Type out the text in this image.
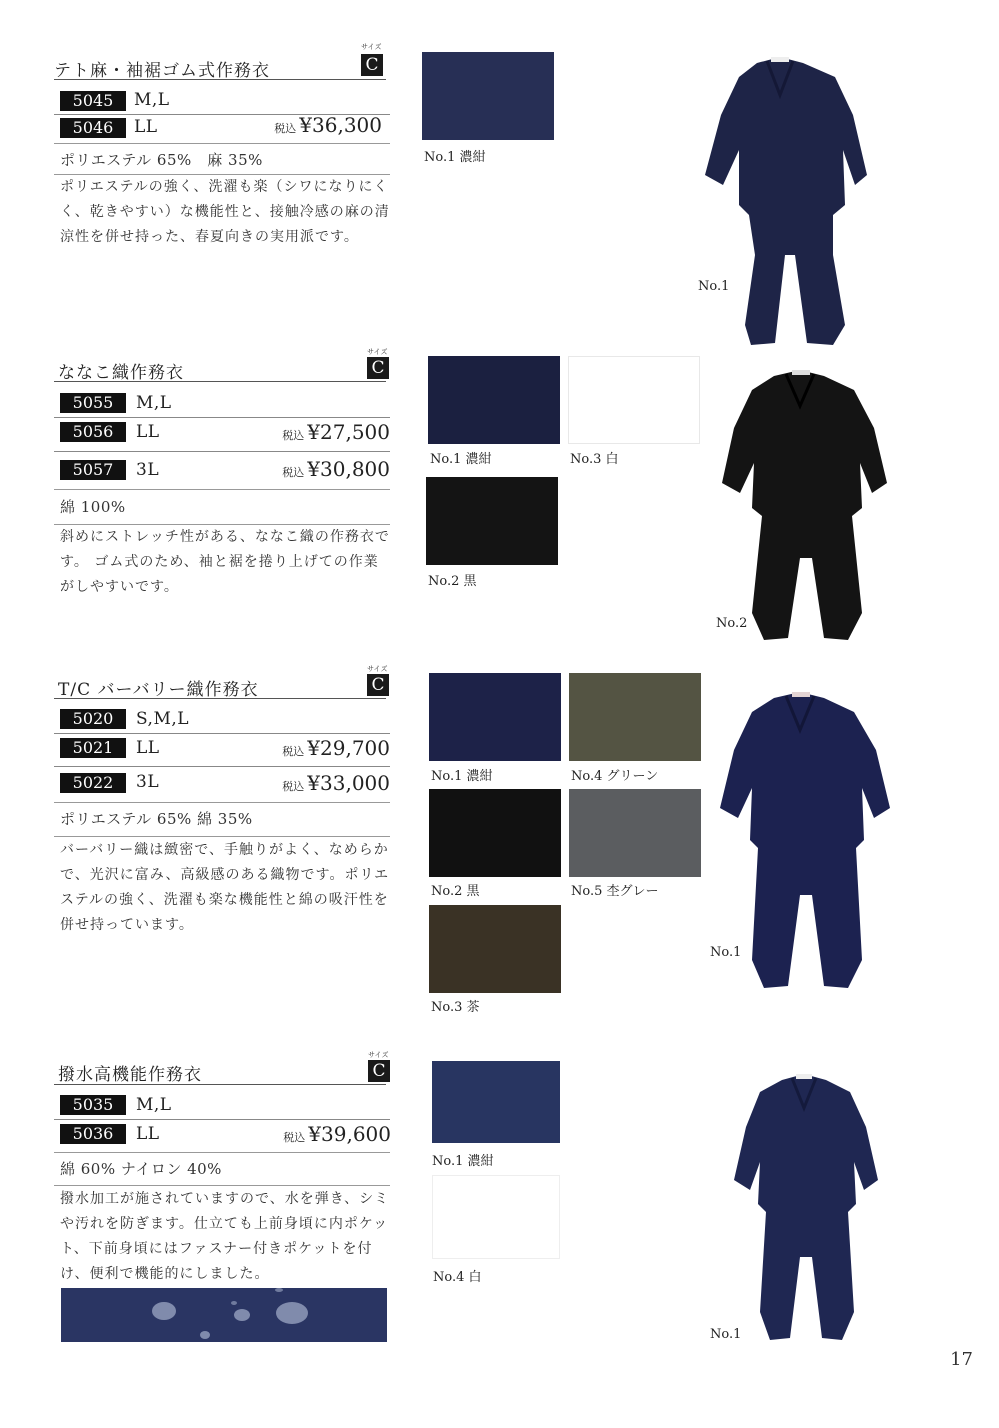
テト麻・袖裾ゴム式作務衣
サイズ
C
5045	M,L
5046	LL	税込 ¥36,300
ポリエステル 65%　麻 35%
ポリエステルの強く、洗濯も楽（シワになりにくく、乾きやすい）な機能性と、接触冷感の麻の清涼性を併せ持った、春夏向きの実用派です。
No.1 濃紺
No.1
ななこ織作務衣
サイズ
C
5055	M,L
5056	LL	税込 ¥27,500
5057	3L	税込 ¥30,800
綿 100%
斜めにストレッチ性がある、ななこ織の作務衣です。 ゴム式のため、袖と裾を捲り上げての作業がしやすいです。
No.1 濃紺	No.3 白
No.2 黒
No.2
T/C バーバリー織作務衣
サイズ
C
5020	S,M,L
5021	LL	税込 ¥29,700
5022	3L	税込 ¥33,000
ポリエステル 65% 綿 35%
バーバリー織は緻密で、手触りがよく、なめらかで、光沢に富み、高級感のある織物です。ポリエステルの強く、洗濯も楽な機能性と綿の吸汗性を併せ持っています。
No.1 濃紺	No.4 グリーン
No.2 黒	No.5 杢グレー
No.3 茶
No.1
撥水高機能作務衣
サイズ
C
5035	M,L
5036	LL	税込 ¥39,600
綿 60% ナイロン 40%
撥水加工が施されていますので、水を弾き、シミや汚れを防ぎます。仕立ても上前身頃に内ポケット、下前身頃にはファスナー付きポケットを付け、便利で機能的にしました。
No.1 濃紺
No.4 白
No.1
17
